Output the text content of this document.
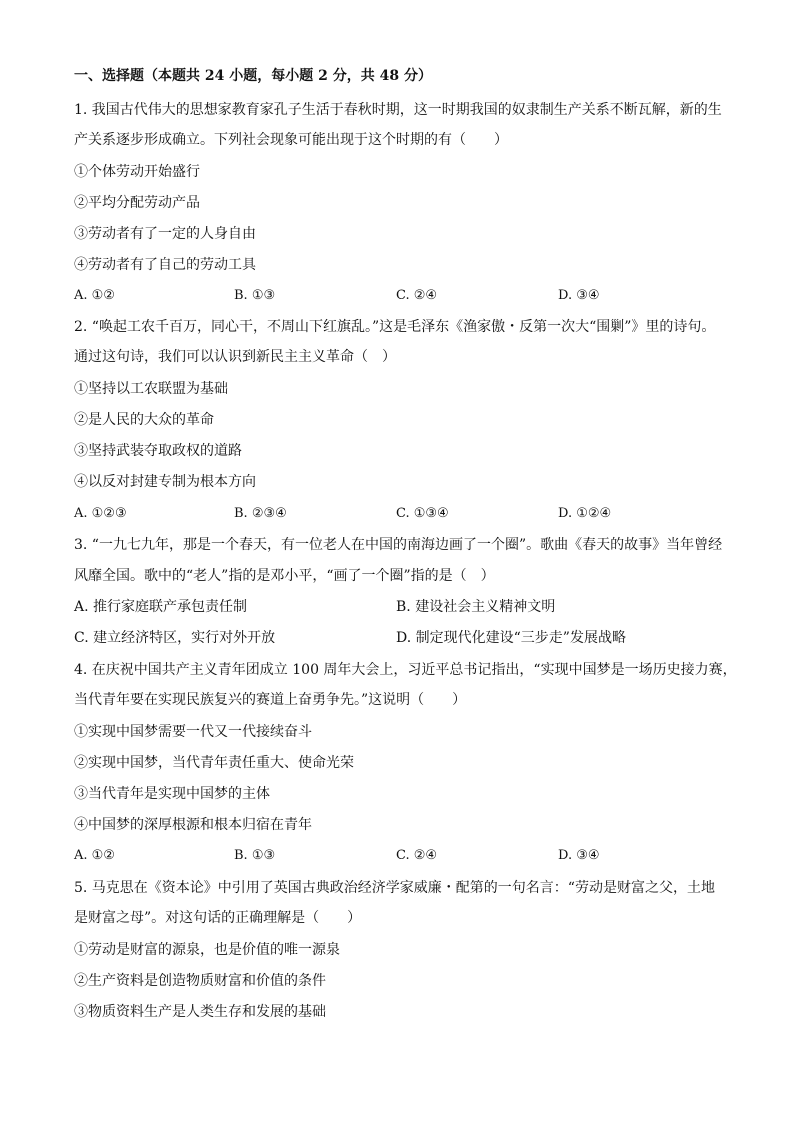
一、选择题（本题共 24 小题，每小题 2 分，共 48 分）
1. 我国古代伟大的思想家教育家孔子生活于春秋时期，这一时期我国的奴隶制生产关系不断瓦解，新的生
产关系逐步形成确立。下列社会现象可能出现于这个时期的有（　　）
①个体劳动开始盛行
②平均分配劳动产品
③劳动者有了一定的人身自由
④劳动者有了自己的劳动工具
A. ①②	B. ①③	C. ②④	D. ③④
2. “唤起工农千百万，同心干，不周山下红旗乱。”这是毛泽东《渔家傲・反第一次大“围剿”》里的诗句。
通过这句诗，我们可以认识到新民主主义革命（　）
①坚持以工农联盟为基础
②是人民的大众的革命
③坚持武装夺取政权的道路
④以反对封建专制为根本方向
A. ①②③	B. ②③④	C. ①③④	D. ①②④
3. “一九七九年，那是一个春天，有一位老人在中国的南海边画了一个圈”。歌曲《春天的故事》当年曾经
风靡全国。歌中的“老人”指的是邓小平，“画了一个圈”指的是（　）
A. 推行家庭联产承包责任制	B. 建设社会主义精神文明
C. 建立经济特区，实行对外开放	D. 制定现代化建设“三步走”发展战略
4. 在庆祝中国共产主义青年团成立 100 周年大会上，习近平总书记指出，“实现中国梦是一场历史接力赛，
当代青年要在实现民族复兴的赛道上奋勇争先。”这说明（　　）
①实现中国梦需要一代又一代接续奋斗
②实现中国梦，当代青年责任重大、使命光荣
③当代青年是实现中国梦的主体
④中国梦的深厚根源和根本归宿在青年
A. ①②	B. ①③	C. ②④	D. ③④
5. 马克思在《资本论》中引用了英国古典政治经济学家威廉・配第的一句名言：“劳动是财富之父，土地
是财富之母”。对这句话的正确理解是（　　）
①劳动是财富的源泉，也是价值的唯一源泉
②生产资料是创造物质财富和价值的条件
③物质资料生产是人类生存和发展的基础
